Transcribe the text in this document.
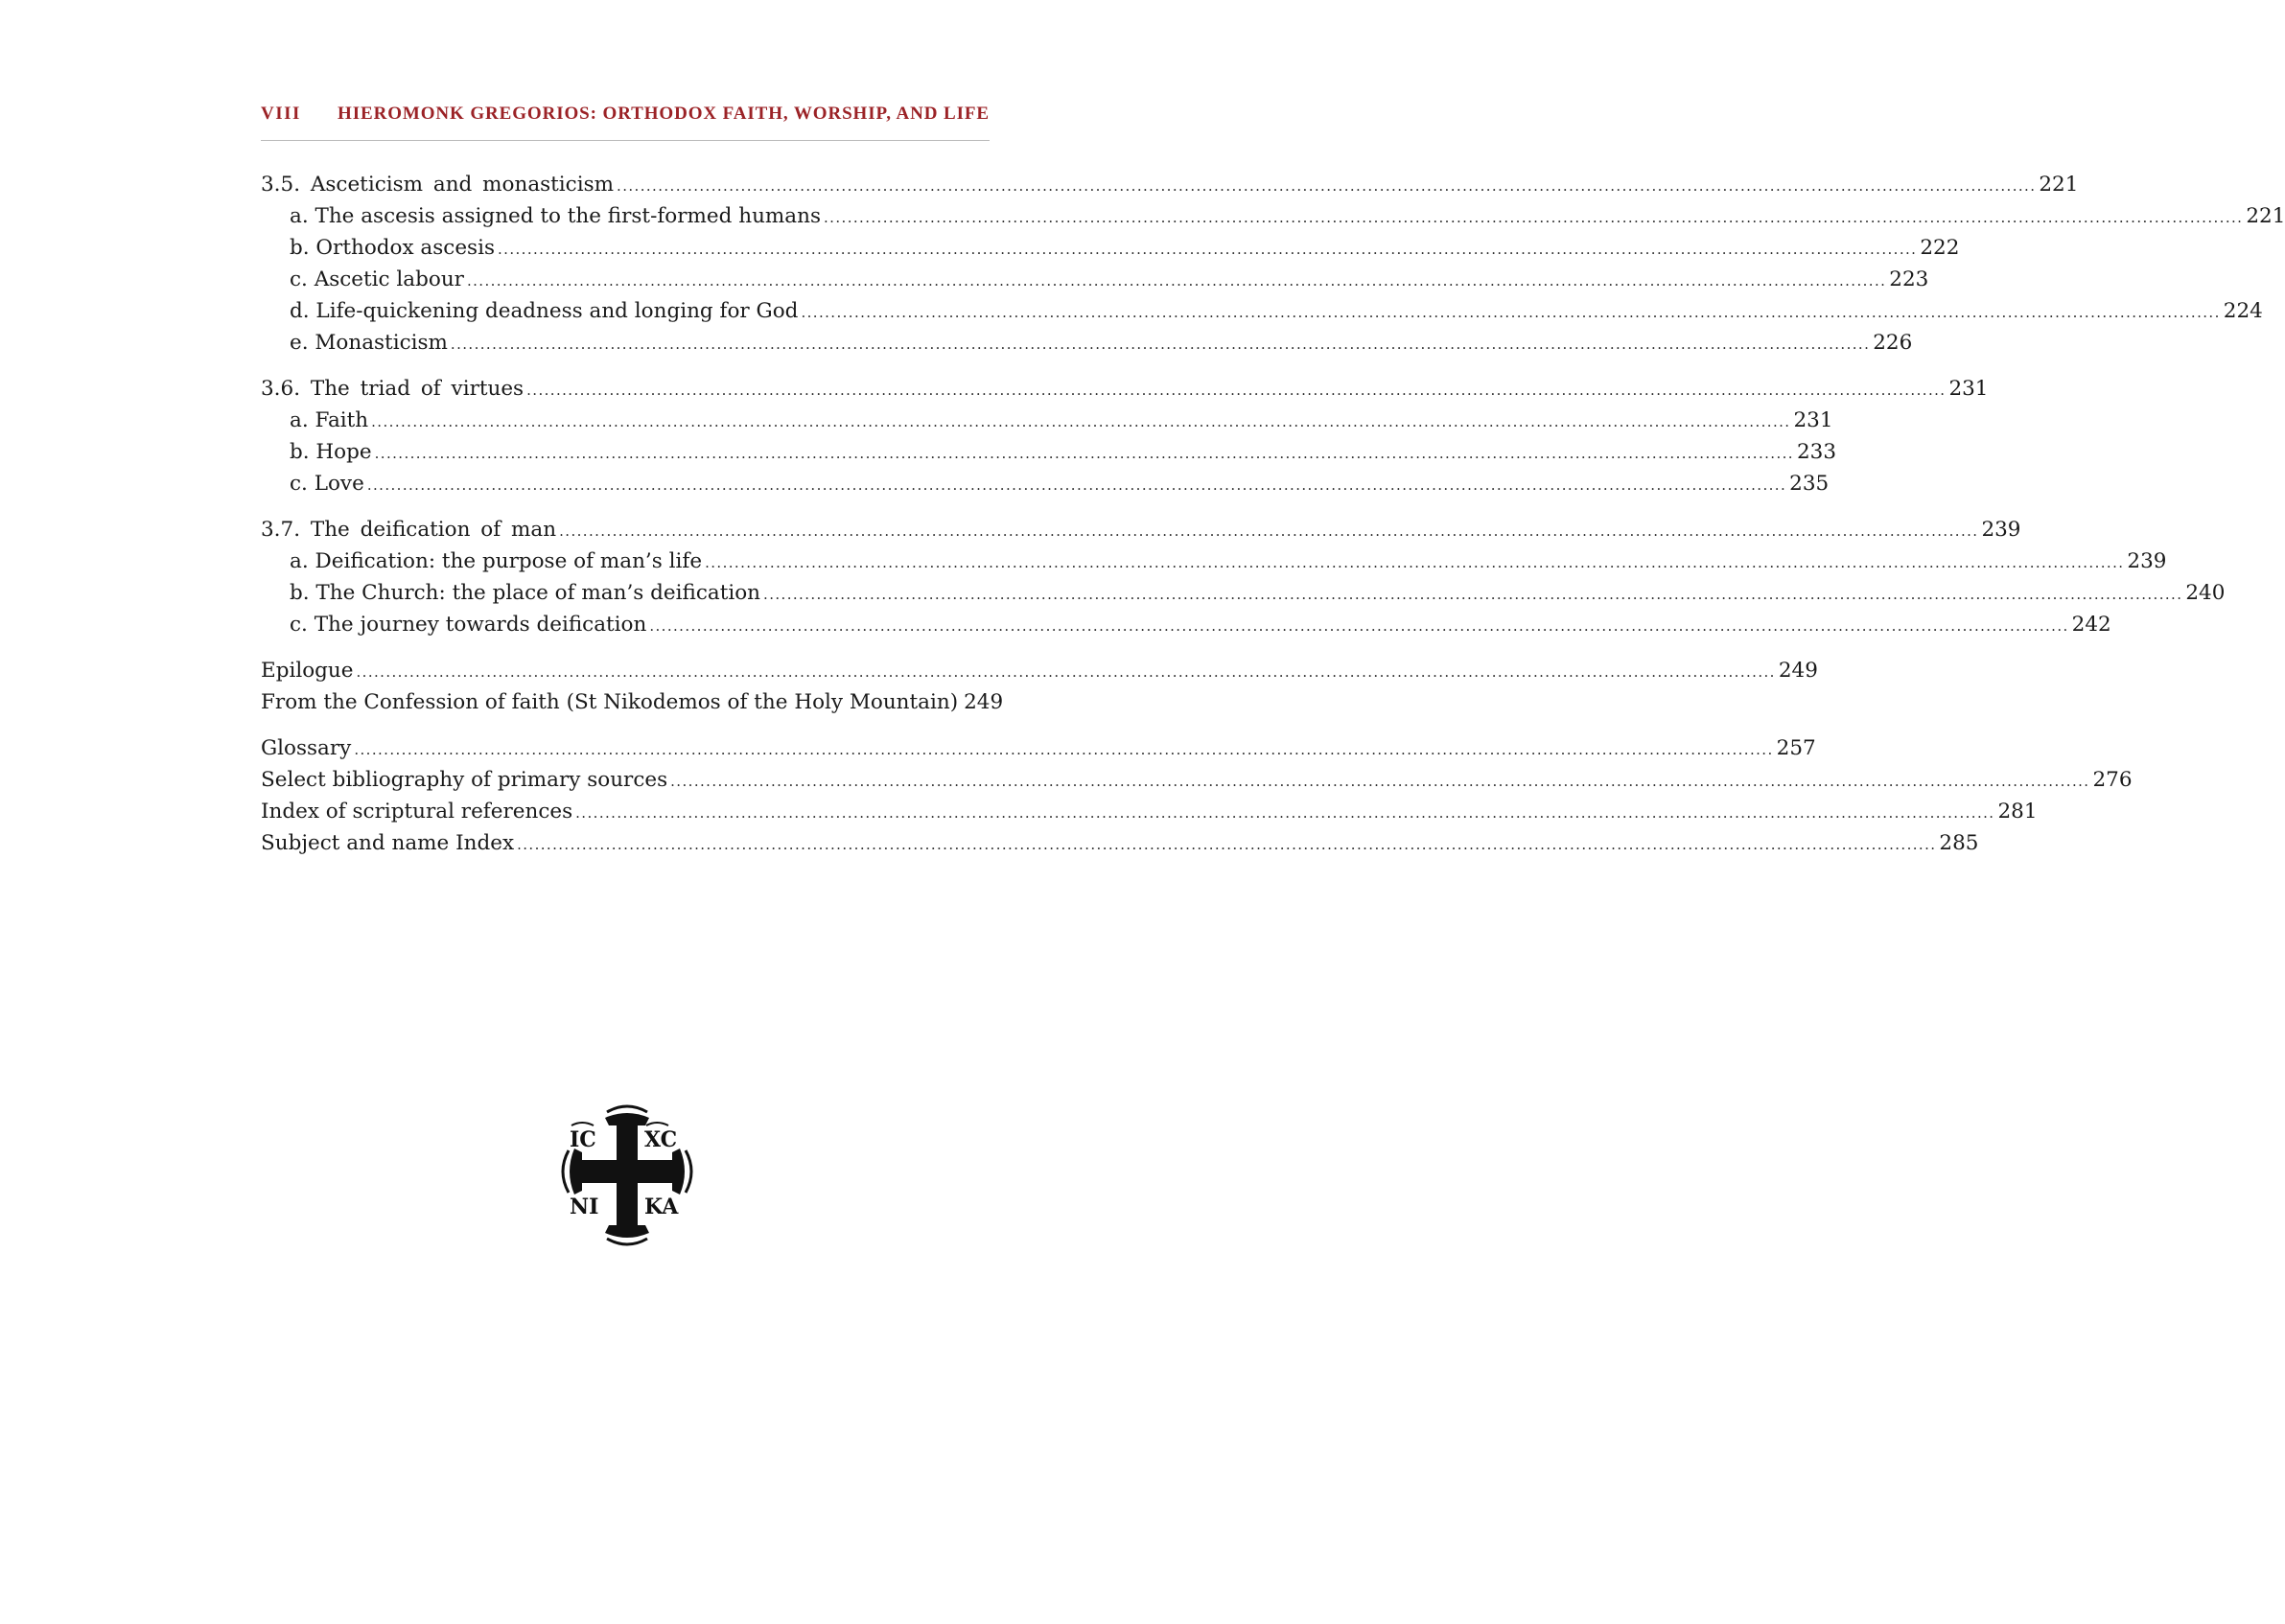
VIII HIEROMONK GREGORIOS: ORTHODOX FAITH, WORSHIP, AND LIFE
3.5. Asceticism and monasticism ................................................................................................................................................................................................................................................ 221
a. The ascesis assigned to the first-formed humans ................................................................................................................................................................................................................................................ 221
b. Orthodox ascesis ................................................................................................................................................................................................................................................ 222
c. Ascetic labour ................................................................................................................................................................................................................................................ 223
d. Life-quickening deadness and longing for God ................................................................................................................................................................................................................................................ 224
e. Monasticism ................................................................................................................................................................................................................................................ 226
3.6. The triad of virtues ................................................................................................................................................................................................................................................ 231
a. Faith ................................................................................................................................................................................................................................................ 231
b. Hope ................................................................................................................................................................................................................................................ 233
c. Love ................................................................................................................................................................................................................................................ 235
3.7. The deification of man ................................................................................................................................................................................................................................................ 239
a. Deification: the purpose of man’s life ................................................................................................................................................................................................................................................ 239
b. The Church: the place of man’s deification ................................................................................................................................................................................................................................................ 240
c. The journey towards deification ................................................................................................................................................................................................................................................ 242
Epilogue ................................................................................................................................................................................................................................................ 249
From the Confession of faith (St Nikodemos of the Holy Mountain) 249
Glossary ................................................................................................................................................................................................................................................ 257
Select bibliography of primary sources ................................................................................................................................................................................................................................................ 276
Index of scriptural references ................................................................................................................................................................................................................................................ 281
Subject and name Index ................................................................................................................................................................................................................................................ 285
IC XC
NI KA
